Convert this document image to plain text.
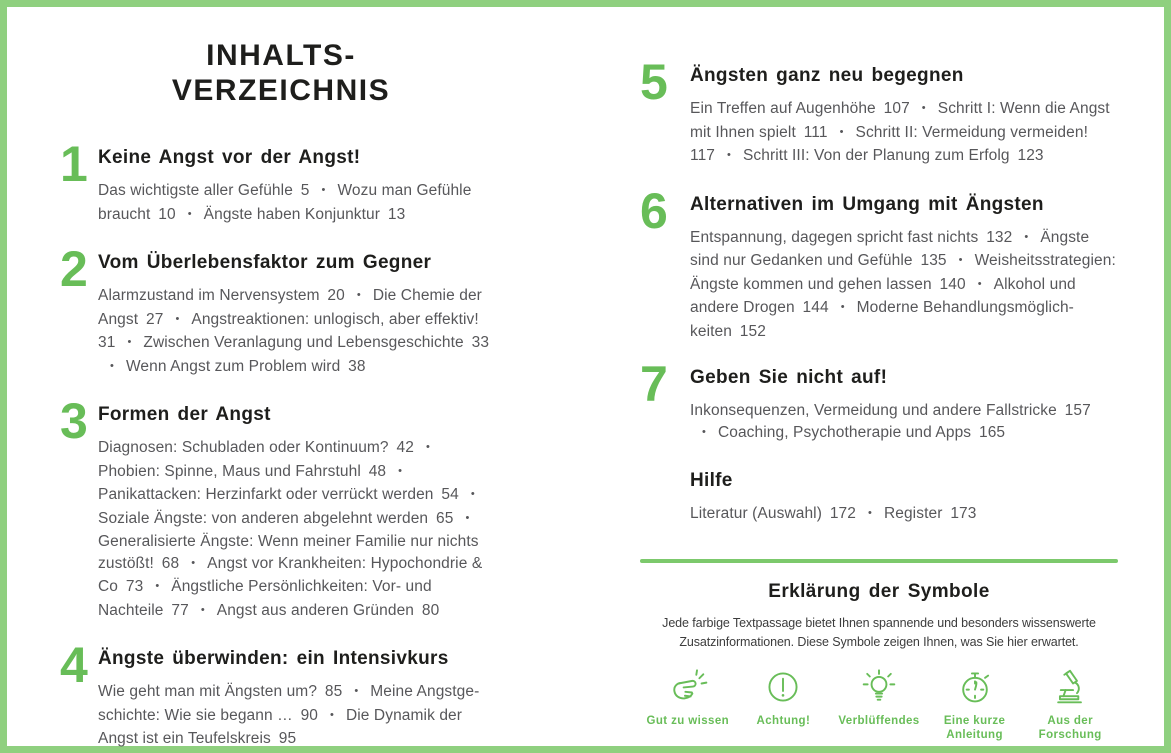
INHALTS-
VERZEICHNIS
1 Keine Angst vor der Angst!

Das wichtigste aller Gefühle 5 • Wozu man Gefühle braucht 10 • Ängste haben Konjunktur 13

2 Vom Überlebensfaktor zum Gegner

Alarmzustand im Nervensystem 20 • Die Chemie der Angst 27 • Angstreaktionen: unlogisch, aber effektiv! 31 • Zwischen Veranlagung und Lebensgeschichte 33• Wenn Angst zum Problem wird 38

3 Formen der Angst

Diagnosen: Schubladen oder Kontinuum? 42 •Phobien: Spinne, Maus und Fahrstuhl 48 •Panikattacken: Herzinfarkt oder verrückt werden 54 •Soziale Ängste: von anderen abgelehnt werden 65 •Generalisierte Ängste: Wenn meiner Familie nur nichts zustößt! 68 • Angst vor Krankheiten: Hypochondrie & Co 73 • Ängstliche Persönlichkeiten: Vor- und Nachteile 77 • Angst aus anderen Gründen 80

4 Ängste überwinden: ein Intensivkurs

Wie geht man mit Ängsten um? 85 • Meine Angstgeschichte: Wie sie begann … 90 • Die Dynamik der Angst ist ein Teufelskreis 95

5 Ängsten ganz neu begegnen

Ein Treffen auf Augenhöhe 107 • Schritt I: Wenn die Angst mit Ihnen spielt 111 • Schritt II: Vermeidung vermeiden! 117 • Schritt III: Von der Planung zum Erfolg 123

6 Alternativen im Umgang mit Ängsten

Entspannung, dagegen spricht fast nichts 132 • Ängste sind nur Gedanken und Gefühle 135 • Weisheitsstrategien: Ängste kommen und gehen lassen 140 • Alkohol und andere Drogen 144 • Moderne Behandlungsmöglichkeiten 152

7 Geben Sie nicht auf!

Inkonsequenzen, Vermeidung und andere Fallstricke 157• Coaching, Psychotherapie und Apps 165

Hilfe

Literatur (Auswahl) 172 • Register 173

Erklärung der Symbole

Jede farbige Textpassage bietet Ihnen spannende und besonders wissenswerte
Zusatzinformationen. Diese Symbole zeigen Ihnen, was Sie hier erwartet.

Gut zu wissen Achtung! Verblüffendes	Eine kurze Anleitung
Aus der Forschung
